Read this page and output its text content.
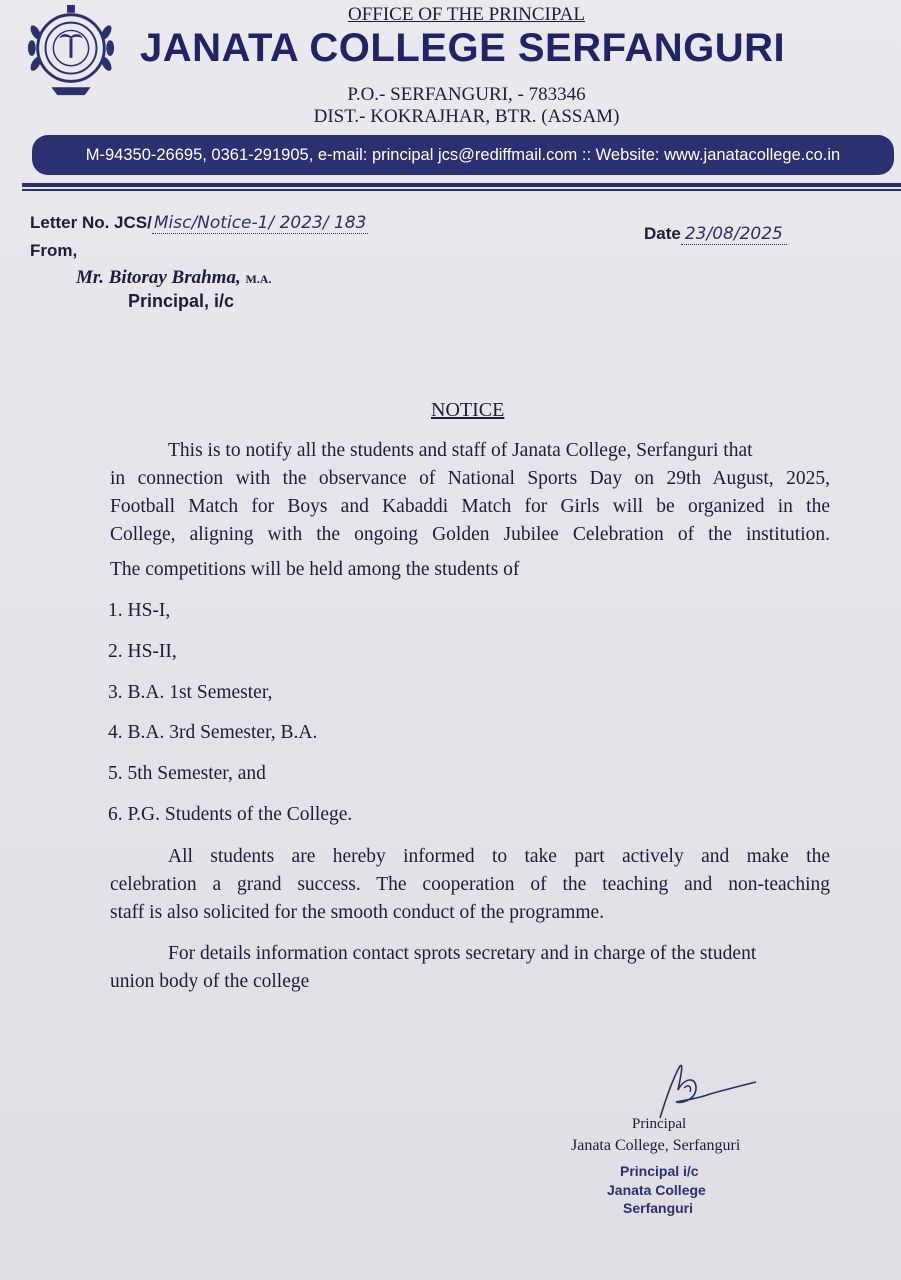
OFFICE OF THE PRINCIPAL
JANATA COLLEGE SERFANGURI
P.O.- SERFANGURI, - 783346
DIST.- KOKRAJHAR, BTR. (ASSAM)
M-94350-26695, 0361-291905, e-mail: principal jcs@rediffmail.com :: Website: www.janatacollege.co.in
Letter No. JCS/ Misc/Notice-1/ 2023/ 183
Date 23/08/2025
From,
Mr. Bitoray Brahma, M.A.
Principal, i/c
NOTICE
This is to notify all the students and staff of Janata College, Serfanguri that
in connection with the observance of National Sports Day on 29th August, 2025,
Football Match for Boys and Kabaddi Match for Girls will be organized in the
College, aligning with the ongoing Golden Jubilee Celebration of the institution.
The competitions will be held among the students of
1. HS-I,
2. HS-II,
3. B.A. 1st Semester,
4. B.A. 3rd Semester, B.A.
5. 5th Semester, and
6. P.G. Students of the College.
All students are hereby informed to take part actively and make the
celebration a grand success. The cooperation of the teaching and non-teaching
staff is also solicited for the smooth conduct of the programme.
For details information contact sprots secretary and in charge of the student
union body of the college
Principal
Janata College, Serfanguri
Principal i/c
Janata College
Serfanguri
